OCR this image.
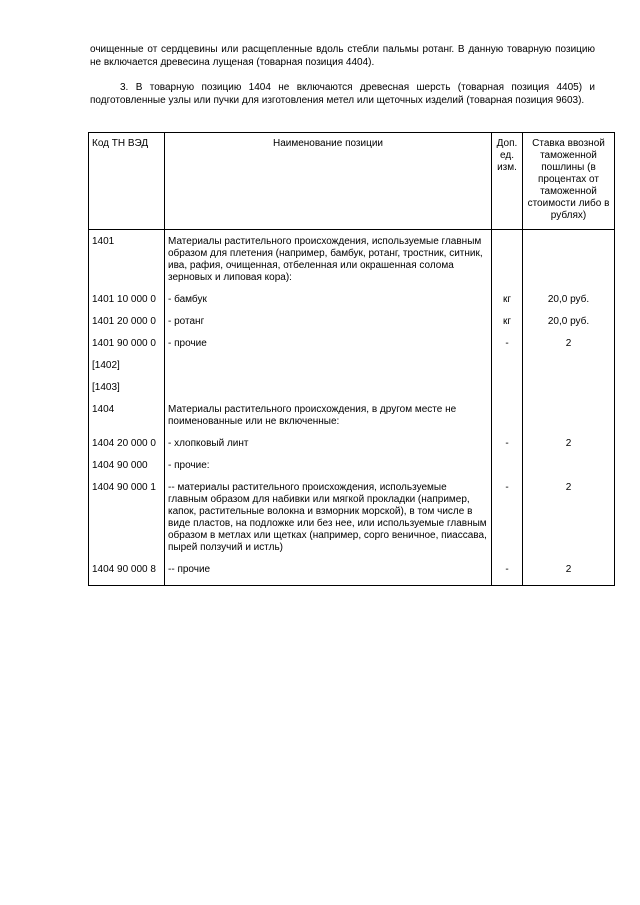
очищенные от сердцевины или расщепленные вдоль стебли пальмы ротанг. В данную товарную позицию не включается древесина лущеная (товарная позиция 4404).

3. В товарную позицию 1404 не включаются древесная шерсть (товарная позиция 4405) и подготовленные узлы или пучки для изготовления метел или щеточных изделий (товарная позиция 9603).

Код ТН ВЭД	Наименование позиции	Доп. ед. изм.	Ставка ввозной таможенной пошлины (в процентах от таможенной стоимости либо в рублях)
1401	Материалы растительного происхождения, используемые главным образом для плетения (например, бамбук, ротанг, тростник, ситник, ива, рафия, очищенная, отбеленная или окрашенная солома зерновых и липовая кора):		
1401 10 000 0	- бамбук	кг	20,0 руб.
1401 20 000 0	- ротанг	кг	20,0 руб.
1401 90 000 0	- прочие	-	2
[1402]			
[1403]			
1404	Материалы растительного происхождения, в другом месте не поименованные или не включенные:		
1404 20 000 0	- хлопковый линт	-	2
1404 90 000	- прочие:		
1404 90 000 1	-- материалы растительного происхождения, используемые главным образом для набивки или мягкой прокладки (например, капок, растительные волокна и взморник морской), в том числе в виде пластов, на подложке или без нее, или используемые главным образом в метлах или щетках (например, сорго веничное, пиассава, пырей ползучий и истль)	-	2
1404 90 000 8	-- прочие	-	2
